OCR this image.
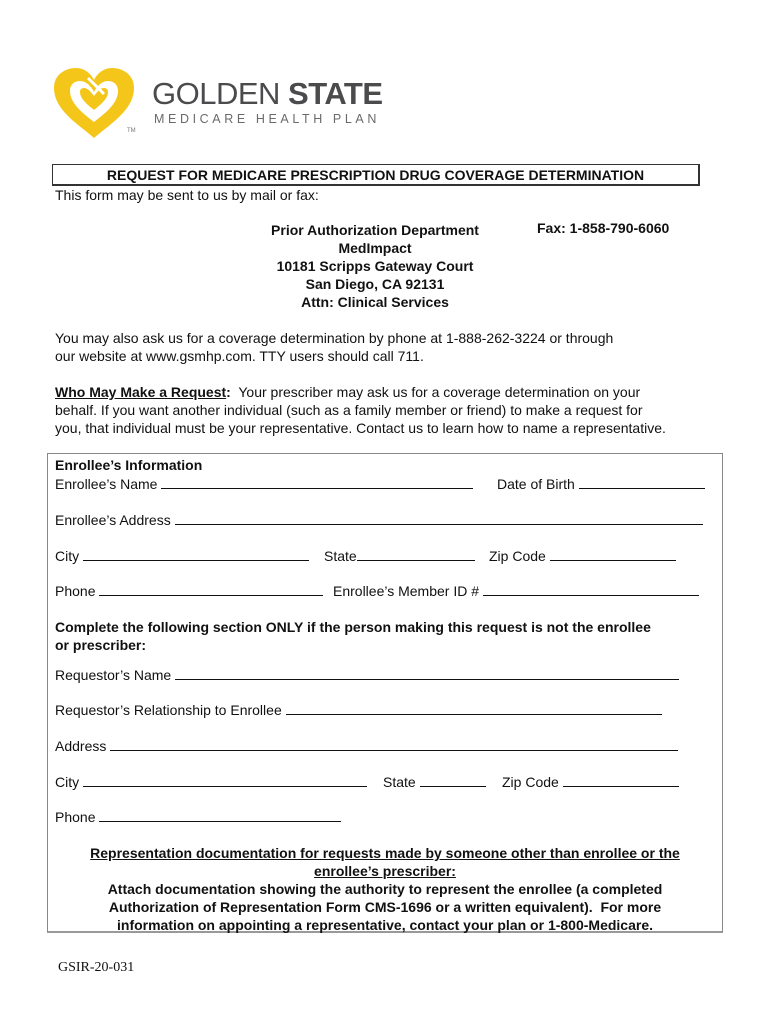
TM
GOLDEN STATE
MEDICARE HEALTH PLAN
REQUEST FOR MEDICARE PRESCRIPTION DRUG COVERAGE DETERMINATION
This form may be sent to us by mail or fax:
Prior Authorization Department
MedImpact
10181 Scripps Gateway Court
San Diego, CA 92131
Attn: Clinical Services
Fax: 1-858-790-6060
You may also ask us for a coverage determination by phone at 1-888-262-3224 or through
our website at www.gsmhp.com. TTY users should call 711.
Who May Make a Request:  Your prescriber may ask us for a coverage determination on your
behalf. If you want another individual (such as a family member or friend) to make a request for
you, that individual must be your representative. Contact us to learn how to name a representative.
Enrollee’s Information
Enrollee’s Name	Date of Birth
Enrollee’s Address
City	State	Zip Code
Phone	Enrollee’s Member ID #
Complete the following section ONLY if the person making this request is not the enrollee
or prescriber:
Requestor’s Name
Requestor’s Relationship to Enrollee
Address
City	State	Zip Code
Phone
Representation documentation for requests made by someone other than enrollee or the
enrollee’s prescriber:
Attach documentation showing the authority to represent the enrollee (a completed
Authorization of Representation Form CMS-1696 or a written equivalent).  For more
information on appointing a representative, contact your plan or 1-800-Medicare.
GSIR-20-031
